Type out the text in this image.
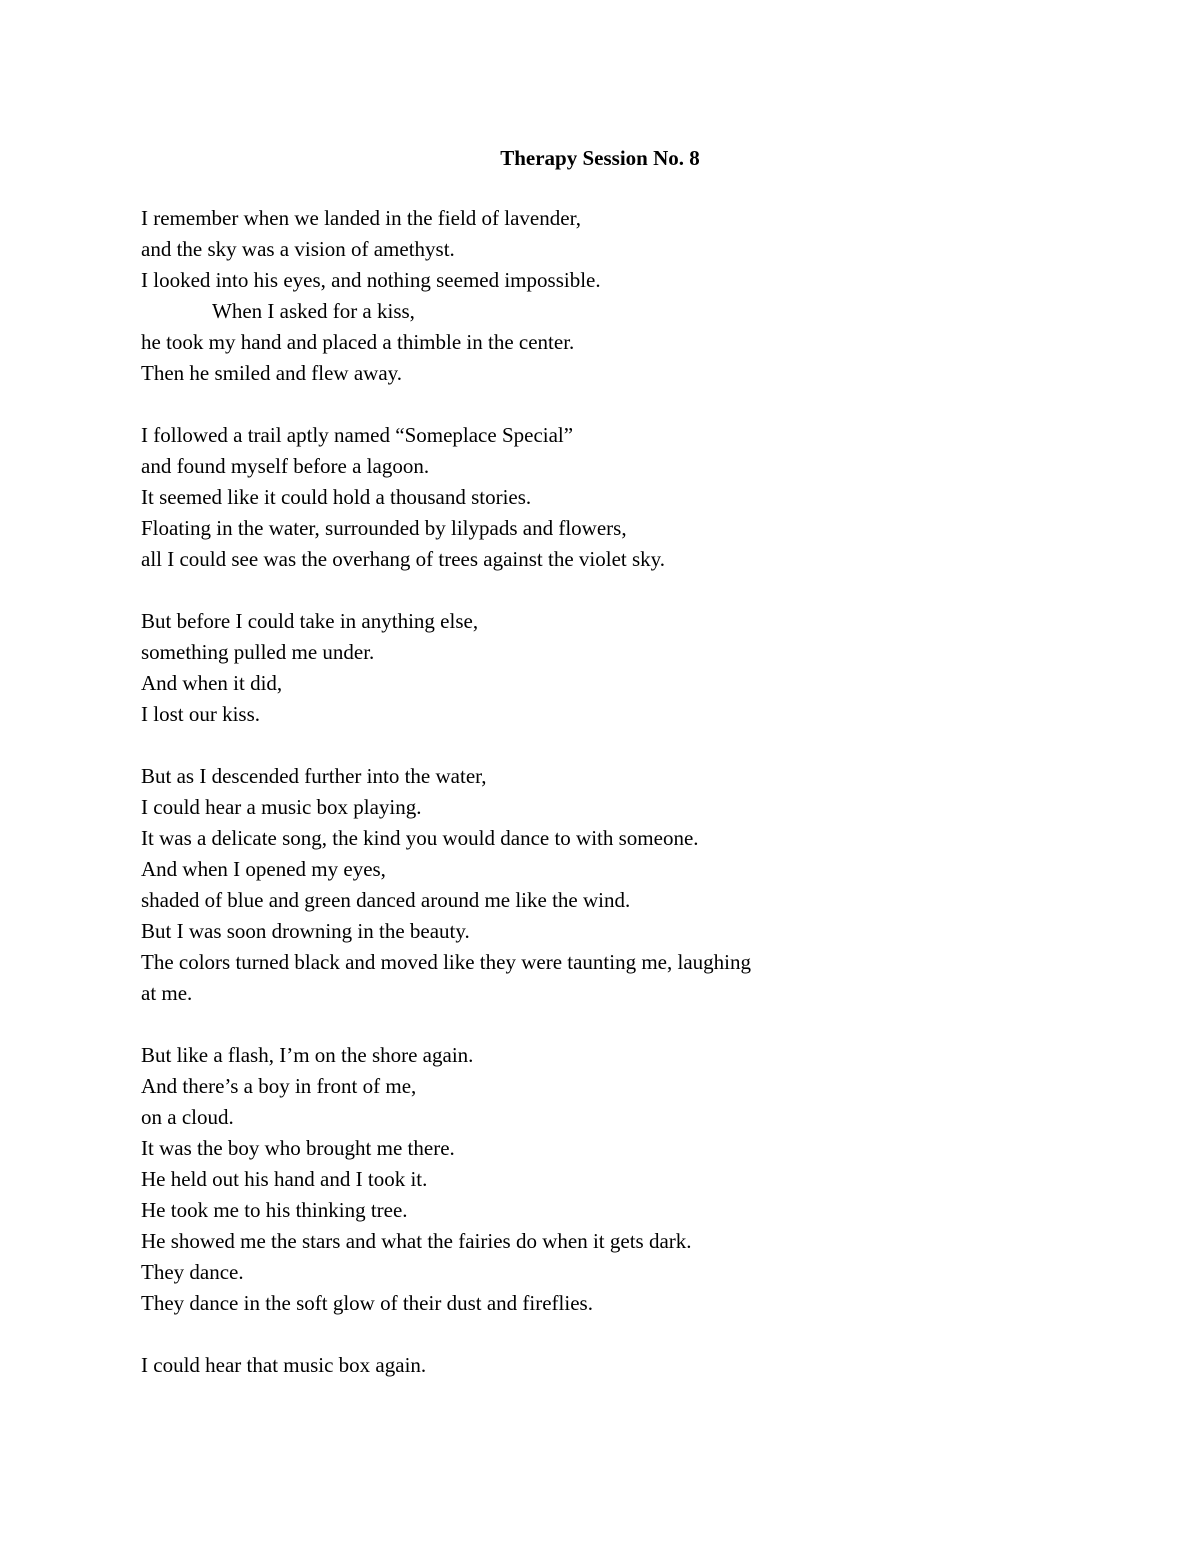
Therapy Session No. 8
I remember when we landed in the field of lavender,
and the sky was a vision of amethyst.
I looked into his eyes, and nothing seemed impossible.
When I asked for a kiss,
he took my hand and placed a thimble in the center.
Then he smiled and flew away.
I followed a trail aptly named “Someplace Special”
and found myself before a lagoon.
It seemed like it could hold a thousand stories.
Floating in the water, surrounded by lilypads and flowers,
all I could see was the overhang of trees against the violet sky.
But before I could take in anything else,
something pulled me under.
And when it did,
I lost our kiss.
But as I descended further into the water,
I could hear a music box playing.
It was a delicate song, the kind you would dance to with someone.
And when I opened my eyes,
shaded of blue and green danced around me like the wind.
But I was soon drowning in the beauty.
The colors turned black and moved like they were taunting me, laughing
at me.
But like a flash, I’m on the shore again.
And there’s a boy in front of me,
on a cloud.
It was the boy who brought me there.
He held out his hand and I took it.
He took me to his thinking tree.
He showed me the stars and what the fairies do when it gets dark.
They dance.
They dance in the soft glow of their dust and fireflies.
I could hear that music box again.
